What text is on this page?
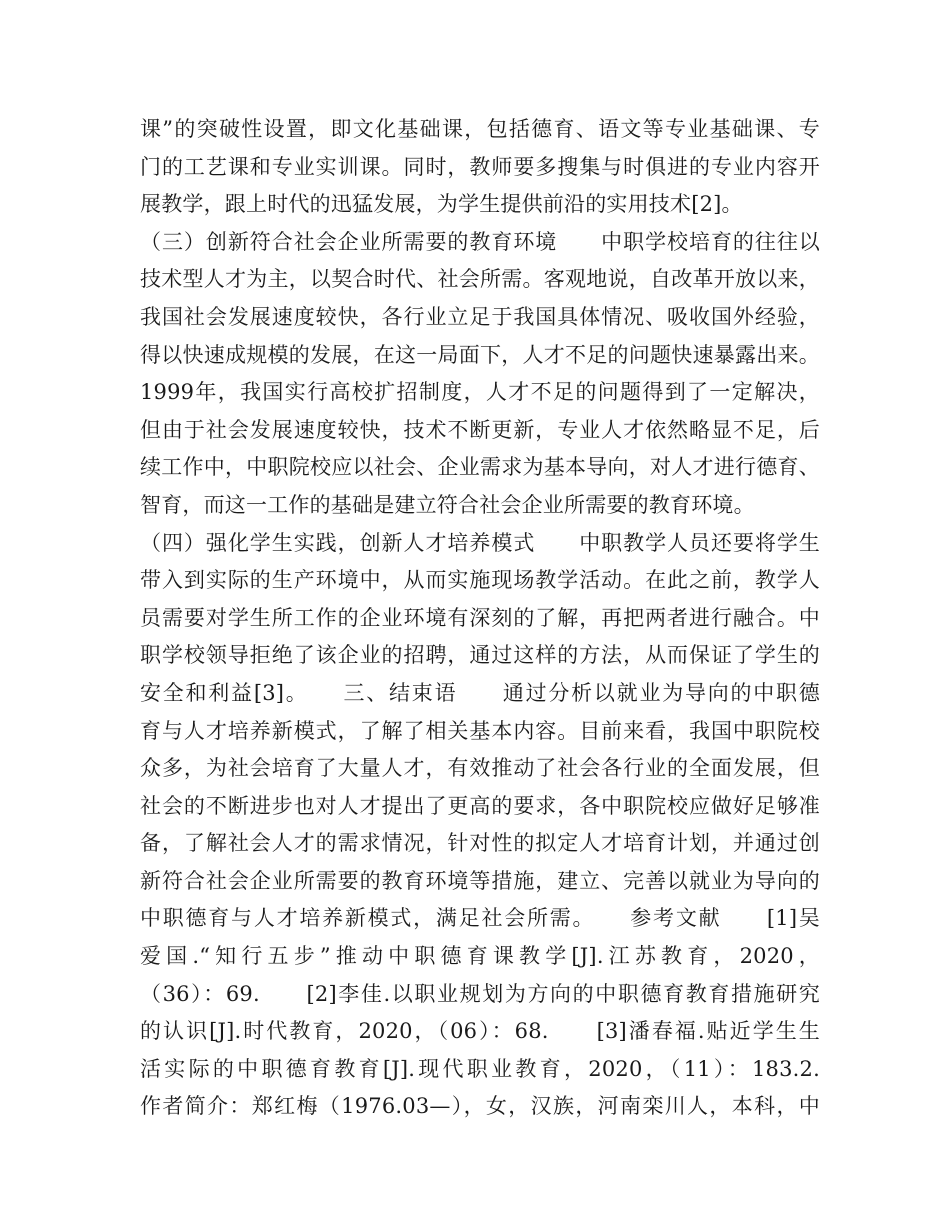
课”的突破性设置，即文化基础课，包括德育、语文等专业基础课、专
门的工艺课和专业实训课。同时，教师要多搜集与时俱进的专业内容开
展教学，跟上时代的迅猛发展，为学生提供前沿的实用技术[2]。
（三）创新符合社会企业所需要的教育环境　　中职学校培育的往往以
技术型人才为主，以契合时代、社会所需。客观地说，自改革开放以来，
我国社会发展速度较快，各行业立足于我国具体情况、吸收国外经验，
得以快速成规模的发展，在这一局面下，人才不足的问题快速暴露出来。
1999年，我国实行高校扩招制度，人才不足的问题得到了一定解决，
但由于社会发展速度较快，技术不断更新，专业人才依然略显不足，后
续工作中，中职院校应以社会、企业需求为基本导向，对人才进行德育、
智育，而这一工作的基础是建立符合社会企业所需要的教育环境。
（四）强化学生实践，创新人才培养模式　　中职教学人员还要将学生
带入到实际的生产环境中，从而实施现场教学活动。在此之前，教学人
员需要对学生所工作的企业环境有深刻的了解，再把两者进行融合。中
职学校领导拒绝了该企业的招聘，通过这样的方法，从而保证了学生的
安全和利益[3]。　　三、结束语　　通过分析以就业为导向的中职德
育与人才培养新模式，了解了相关基本内容。目前来看，我国中职院校
众多，为社会培育了大量人才，有效推动了社会各行业的全面发展，但
社会的不断进步也对人才提出了更高的要求，各中职院校应做好足够准
备，了解社会人才的需求情况，针对性的拟定人才培育计划，并通过创
新符合社会企业所需要的教育环境等措施，建立、完善以就业为导向的
中职德育与人才培养新模式，满足社会所需。　　参考文献　　[1]吴
爱国.“知行五步”推动中职德育课教学[J].江苏教育，2020，
（36）：69.　　[2]李佳.以职业规划为方向的中职德育教育措施研究
的认识[J].时代教育，2020，（06）：68.　　[3]潘春福.贴近学生生
活实际的中职德育教育[J].现代职业教育，2020，（11）：183.2.
作者简介：郑红梅（1976.03—），女，汉族，河南栾川人，本科，中
